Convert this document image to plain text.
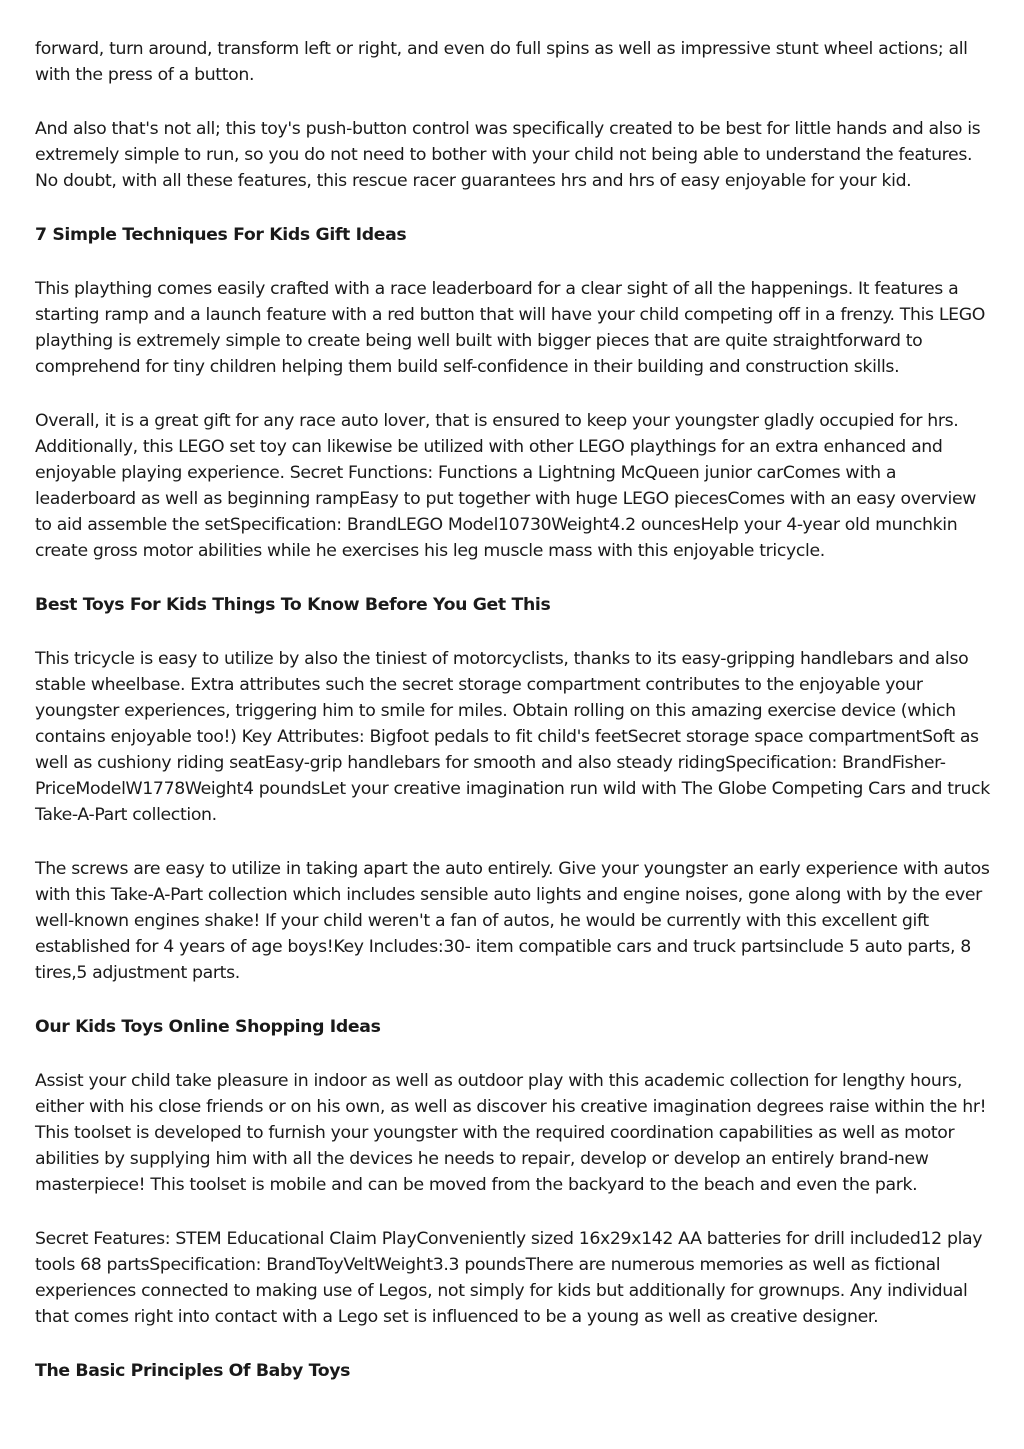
forward, turn around, transform left or right, and even do full spins as well as impressive stunt wheel actions; all with the press of a button.

And also that's not all; this toy's push-button control was specifically created to be best for little hands and also is extremely simple to run, so you do not need to bother with your child not being able to understand the features. No doubt, with all these features, this rescue racer guarantees hrs and hrs of easy enjoyable for your kid.

7 Simple Techniques For Kids Gift Ideas

This plaything comes easily crafted with a race leaderboard for a clear sight of all the happenings. It features a starting ramp and a launch feature with a red button that will have your child competing off in a frenzy. This LEGO plaything is extremely simple to create being well built with bigger pieces that are quite straightforward to comprehend for tiny children helping them build self-confidence in their building and construction skills.

Overall, it is a great gift for any race auto lover, that is ensured to keep your youngster gladly occupied for hrs. Additionally, this LEGO set toy can likewise be utilized with other LEGO playthings for an extra enhanced and enjoyable playing experience. Secret Functions: Functions a Lightning McQueen junior carComes with a leaderboard as well as beginning rampEasy to put together with huge LEGO piecesComes with an easy overview to aid assemble the setSpecification: BrandLEGO Model10730Weight4.2 ouncesHelp your 4-year old munchkin create gross motor abilities while he exercises his leg muscle mass with this enjoyable tricycle.

Best Toys For Kids Things To Know Before You Get This

This tricycle is easy to utilize by also the tiniest of motorcyclists, thanks to its easy-gripping handlebars and also stable wheelbase. Extra attributes such the secret storage compartment contributes to the enjoyable your youngster experiences, triggering him to smile for miles. Obtain rolling on this amazing exercise device (which contains enjoyable too!) Key Attributes: Bigfoot pedals to fit child's feetSecret storage space compartmentSoft as well as cushiony riding seatEasy-grip handlebars for smooth and also steady ridingSpecification: BrandFisher-PriceModelW1778Weight4 poundsLet your creative imagination run wild with The Globe Competing Cars and truck Take-A-Part collection.

The screws are easy to utilize in taking apart the auto entirely. Give your youngster an early experience with autos with this Take-A-Part collection which includes sensible auto lights and engine noises, gone along with by the ever well-known engines shake! If your child weren't a fan of autos, he would be currently with this excellent gift established for 4 years of age boys!Key Includes:30- item compatible cars and truck partsinclude 5 auto parts, 8 tires,5 adjustment parts.

Our Kids Toys Online Shopping Ideas

Assist your child take pleasure in indoor as well as outdoor play with this academic collection for lengthy hours, either with his close friends or on his own, as well as discover his creative imagination degrees raise within the hr! This toolset is developed to furnish your youngster with the required coordination capabilities as well as motor abilities by supplying him with all the devices he needs to repair, develop or develop an entirely brand-new masterpiece! This toolset is mobile and can be moved from the backyard to the beach and even the park.

Secret Features: STEM Educational Claim PlayConveniently sized 16x29x142 AA batteries for drill included12 play tools 68 partsSpecification: BrandToyVeltWeight3.3 poundsThere are numerous memories as well as fictional experiences connected to making use of Legos, not simply for kids but additionally for grownups. Any individual that comes right into contact with a Lego set is influenced to be a young as well as creative designer.

The Basic Principles Of Baby Toys
